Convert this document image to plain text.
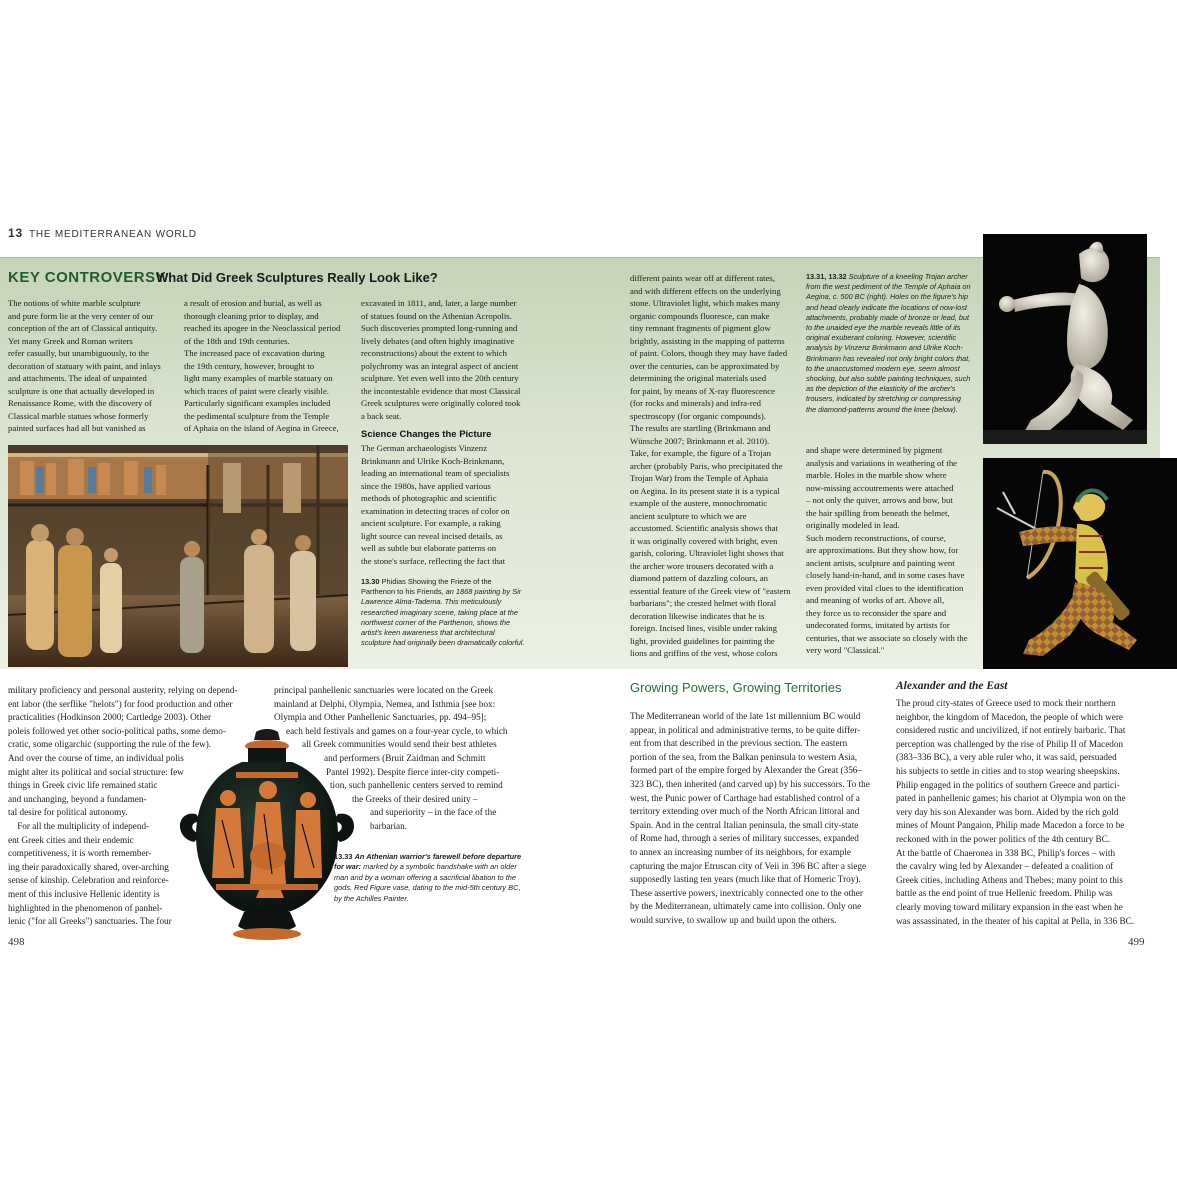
13 THE MEDITERRANEAN WORLD
KEY CONTROVERSY
What Did Greek Sculptures Really Look Like?

The notions of white marble sculpture
and pure form lie at the very center of our
conception of the art of Classical antiquity.
Yet many Greek and Roman writers
refer casually, but unambiguously, to the
decoration of statuary with paint, and inlays
and attachments. The ideal of unpainted
sculpture is one that actually developed in
Renaissance Rome, with the discovery of
Classical marble statues whose formerly
painted surfaces had all but vanished as

a result of erosion and burial, as well as
thorough cleaning prior to display, and
reached its apogee in the Neoclassical period
of the 18th and 19th centuries.
The increased pace of excavation during
the 19th century, however, brought to
light many examples of marble statuary on
which traces of paint were clearly visible.
Particularly significant examples included
the pedimental sculpture from the Temple
of Aphaia on the island of Aegina in Greece,

excavated in 1811, and, later, a large number
of statues found on the Athenian Acropolis.
Such discoveries prompted long-running and
lively debates (and often highly imaginative
reconstructions) about the extent to which
polychromy was an integral aspect of ancient
sculpture. Yet even well into the 20th century
the incontestable evidence that most Classical
Greek sculptures were originally colored took
a back seat.

Science Changes the Picture

The German archaeologists Vinzenz
Brinkmann and Ulrike Koch-Brinkmann,
leading an international team of specialists
since the 1980s, have applied various
methods of photographic and scientific
examination in detecting traces of color on
ancient sculpture. For example, a raking
light source can reveal incised details, as
well as subtle but elaborate patterns on
the stone's surface, reflecting the fact that

different paints wear off at different rates,
and with different effects on the underlying
stone. Ultraviolet light, which makes many
organic compounds fluoresce, can make
tiny remnant fragments of pigment glow
brightly, assisting in the mapping of patterns
of paint. Colors, though they may have faded
over the centuries, can be approximated by
determining the original materials used
for paint, by means of X-ray fluorescence
(for rocks and minerals) and infra-red
spectroscopy (for organic compounds).
The results are startling (Brinkmann and
Wünsche 2007; Brinkmann et al. 2010).
Take, for example, the figure of a Trojan
archer (probably Paris, who precipitated the
Trojan War) from the Temple of Aphaia
on Aegina. In its present state it is a typical
example of the austere, monochromatic
ancient sculpture to which we are
accustomed. Scientific analysis shows that
it was originally covered with bright, even
garish, coloring. Ultraviolet light shows that
the archer wore trousers decorated with a
diamond pattern of dazzling colours, an
essential feature of the Greek view of "eastern
barbarians"; the crested helmet with floral
decoration likewise indicates that he is
foreign. Incised lines, visible under raking
light, provided guidelines for painting the
lions and griffins of the vest, whose colors

and shape were determined by pigment
analysis and variations in weathering of the
marble. Holes in the marble show where
now-missing accoutrements were attached
– not only the quiver, arrows and bow, but
the hair spilling from beneath the helmet,
originally modeled in lead.
Such modern reconstructions, of course,
are approximations. But they show how, for
ancient artists, sculpture and painting went
closely hand-in-hand, and in some cases have
even provided vital clues to the identification
and meaning of works of art. Above all,
they force us to reconsider the spare and
undecorated forms, imitated by artists for
centuries, that we associate so closely with the
very word "Classical."

13.30 Phidias Showing the Frieze of the Parthenon to his Friends, an 1868 painting by Sir Lawrence Alma-Tadema. This meticulously researched imaginary scene, taking place at the northwest corner of the Parthenon, shows the artist's keen awareness that architectural sculpture had originally been dramatically colorful.
13.31, 13.32 Sculpture of a kneeling Trojan archer from the west pediment of the Temple of Aphaia on Aegina, c. 500 BC (right). Holes on the figure's hip and head clearly indicate the locations of now-lost attachments, probably made of bronze or lead, but to the unaided eye the marble reveals little of its original exuberant coloring. However, scientific analysis by Vinzenz Brinkmann and Ulrike Koch-Brinkmann has revealed not only bright colors that, to the unaccustomed modern eye, seem almost shocking, but also subtle painting techniques, such as the depiction of the elasticity of the archer's trousers, indicated by stretching or compressing the diamond-patterns around the knee (below).
military proficiency and personal austerity, relying on depend-
ent labor (the serflike "helots") for food production and other
practicalities (Hodkinson 2000; Cartledge 2003). Other
poleis followed yet other socio-political paths, some demo-
cratic, some oligarchic (supporting the rule of the few).
And over the course of time, an individual polis
might alter its political and social structure: few
things in Greek civic life remained static
and unchanging, beyond a fundamen-
tal desire for political autonomy.
For all the multiplicity of independ-
ent Greek cities and their endemic
competitiveness, it is worth remember-
ing their paradoxically shared, over-arching
sense of kinship. Celebration and reinforce-
ment of this inclusive Hellenic identity is
highlighted in the phenomenon of panhel-
lenic ("for all Greeks") sanctuaries. The four
principal panhellenic sanctuaries were located on the Greek
mainland at Delphi, Olympia, Nemea, and Isthmia [see box:
Olympia and Other Panhellenic Sanctuaries, pp. 494–95];
each held festivals and games on a four-year cycle, to which
all Greek communities would send their best athletes
and performers (Bruit Zaidman and Schmitt
Pantel 1992). Despite fierce inter-city competi-
tion, such panhellenic centers served to remind
the Greeks of their desired unity –
and superiority – in the face of the
barbarian.
13.33 An Athenian warrior's farewell before departure for war: marked by a symbolic handshake with an older man and by a woman offering a sacrificial libation to the gods. Red Figure vase, dating to the mid-5th century BC, by the Achilles Painter.
498	499
Growing Powers, Growing Territories

The Mediterranean world of the late 1st millennium BC would
appear, in political and administrative terms, to be quite differ-
ent from that described in the previous section. The eastern
portion of the sea, from the Balkan peninsula to western Asia,
formed part of the empire forged by Alexander the Great (356–
323 BC), then inherited (and carved up) by his successors. To the
west, the Punic power of Carthage had established control of a
territory extending over much of the North African littoral and
Spain. And in the central Italian peninsula, the small city-state
of Rome had, through a series of military successes, expanded
to annex an increasing number of its neighbors, for example
capturing the major Etruscan city of Veii in 396 BC after a siege
supposedly lasting ten years (much like that of Homeric Troy).
These assertive powers, inextricably connected one to the other
by the Mediterranean, ultimately came into collision. Only one
would survive, to swallow up and build upon the others.

Alexander and the East

The proud city-states of Greece used to mock their northern
neighbor, the kingdom of Macedon, the people of which were
considered rustic and uncivilized, if not entirely barbaric. That
perception was challenged by the rise of Philip II of Macedon
(383–336 BC), a very able ruler who, it was said, persuaded
his subjects to settle in cities and to stop wearing sheepskins.
Philip engaged in the politics of southern Greece and partici-
pated in panhellenic games; his chariot at Olympia won on the
very day his son Alexander was born. Aided by the rich gold
mines of Mount Pangaion, Philip made Macedon a force to be
reckoned with in the power politics of the 4th century BC.
At the battle of Chaeronea in 338 BC, Philip's forces – with
the cavalry wing led by Alexander – defeated a coalition of
Greek cities, including Athens and Thebes; many point to this
battle as the end point of true Hellenic freedom. Philip was
clearly moving toward military expansion in the east when he
was assassinated, in the theater of his capital at Pella, in 336 BC.
